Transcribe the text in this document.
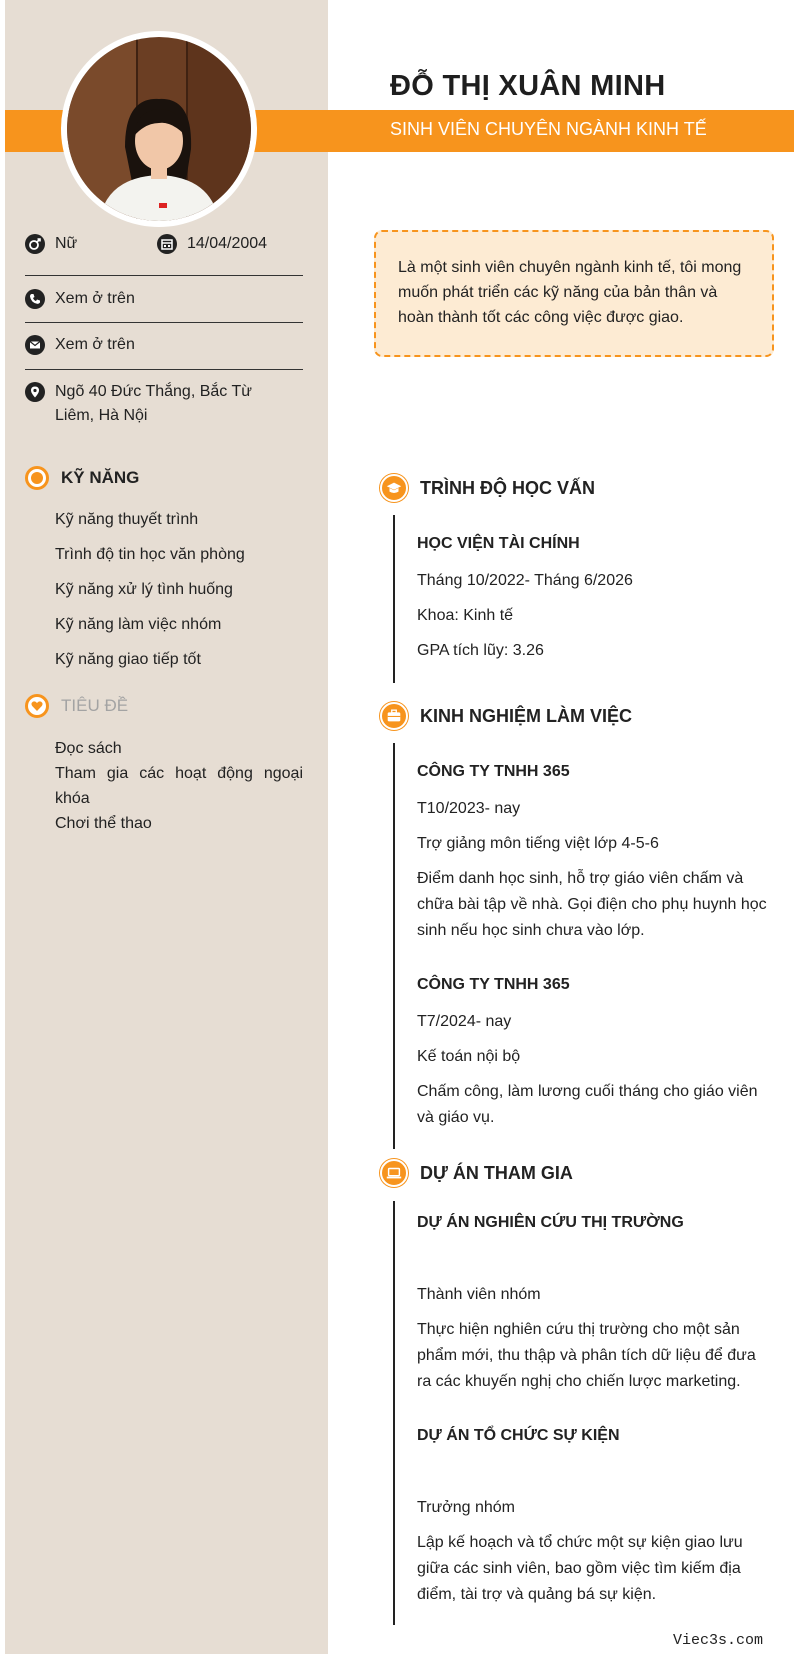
ĐỖ THỊ XUÂN MINH
SINH VIÊN CHUYÊN NGÀNH KINH TẾ
Nữ	14/04/2004
Xem ở trên
Xem ở trên
Ngõ 40 Đức Thắng, Bắc Từ
Liêm, Hà Nội
KỸ NĂNG
Kỹ năng thuyết trình
Trình độ tin học văn phòng
Kỹ năng xử lý tình huống
Kỹ năng làm việc nhóm
Kỹ năng giao tiếp tốt
TIÊU ĐỀ
Đọc sách
Tham gia các hoạt động ngoại khóa
Chơi thể thao
Là một sinh viên chuyên ngành kinh tế, tôi mong muốn phát triển các kỹ năng của bản thân và hoàn thành tốt các công việc được giao.
TRÌNH ĐỘ HỌC VẤN
HỌC VIỆN TÀI CHÍNH
Tháng 10/2022- Tháng 6/2026
Khoa: Kinh tế
GPA tích lũy: 3.26
KINH NGHIỆM LÀM VIỆC
CÔNG TY TNHH 365
T10/2023- nay
Trợ giảng môn tiếng việt lớp 4-5-6
Điểm danh học sinh, hỗ trợ giáo viên chấm và chữa bài tập về nhà. Gọi điện cho phụ huynh học sinh nếu học sinh chưa vào lớp.
CÔNG TY TNHH 365
T7/2024- nay
Kế toán nội bộ
Chấm công, làm lương cuối tháng cho giáo viên và giáo vụ.
DỰ ÁN THAM GIA
DỰ ÁN NGHIÊN CỨU THỊ TRƯỜNG
Thành viên nhóm
Thực hiện nghiên cứu thị trường cho một sản phẩm mới, thu thập và phân tích dữ liệu để đưa ra các khuyến nghị cho chiến lược marketing.
DỰ ÁN TỔ CHỨC SỰ KIỆN
Trưởng nhóm
Lập kế hoạch và tổ chức một sự kiện giao lưu giữa các sinh viên, bao gồm việc tìm kiếm địa điểm, tài trợ và quảng bá sự kiện.
Viec3s.com
